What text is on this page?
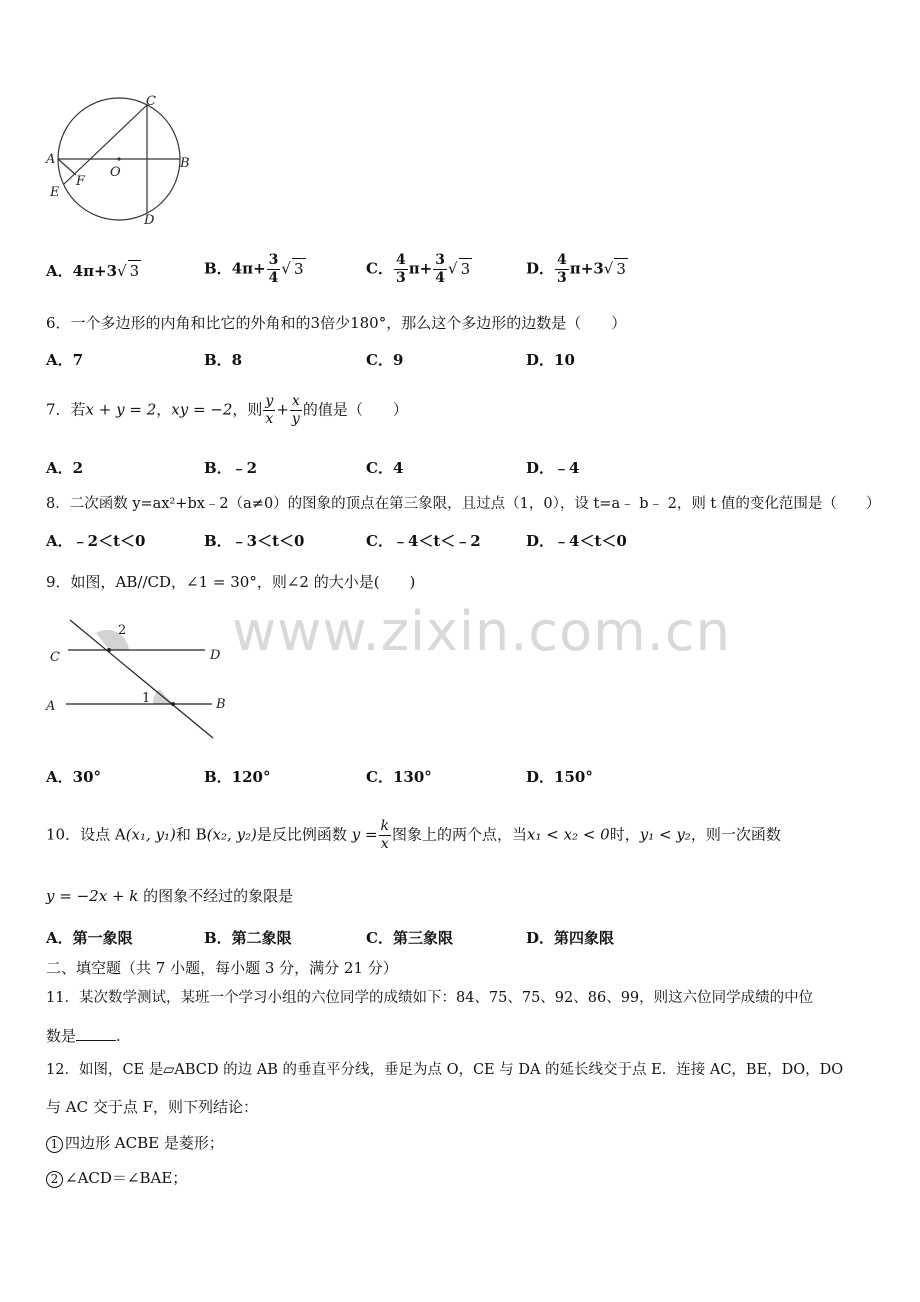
www.zixin.com.cn
C
A	B
O
F
E
D
A．4π+3√ 3	B．$4\pi+ \frac{3}{4}$ √ 3	C． $\frac{4}{3} \pi+ \frac{3}{4}$ √ 3	D． $\frac{4}{3} \pi+3√$ 3
6．一个多边形的内角和比它的外角和的3倍少180°，那么这个多边形的边数是（　　）
A．7	B．8	C．9	D．10
7．若x + y = 2，xy = −2，则 $\frac{y}{x} + \frac{x}{y}$ 的值是（　　）
A．2	B．﹣2	C．4	D．﹣4
8．二次函数 y=ax²+bx﹣2（a≠0）的图象的顶点在第三象限，且过点（1，0），设 t=a﹣ b﹣ 2，则 t 值的变化范围是（　　）
A．﹣2＜t＜0	B．﹣3＜t＜0	C．﹣4＜t＜﹣2	D．﹣4＜t＜0
9．如图，AB//CD，∠1 = 30°，则∠2 的大小是(　　)
C	D
A	B
2
1
A．30°	B．120°	C．130°	D．150°
10．设点 A(x₁, y₁)和 B(x₂, y₂)是反比例函数 $y = \frac{k}{x}$ 图象上的两个点，当x₁ < x₂ < 0时，y₁ < y₂，则一次函数
y = −2x + k 的图象不经过的象限是
A．第一象限	B．第二象限	C．第三象限	D．第四象限
二、填空题（共 7 小题，每小题 3 分，满分 21 分）
11．某次数学测试，某班一个学习小组的六位同学的成绩如下：84、75、75、92、86、99，则这六位同学成绩的中位
数是	.
12．如图，CE 是▱ABCD 的边 AB 的垂直平分线，垂足为点 O，CE 与 DA 的延长线交于点 E．连接 AC，BE，DO，DO
与 AC 交于点 F，则下列结论：
1 四边形 ACBE 是菱形；
2 ∠ACD＝∠BAE；
